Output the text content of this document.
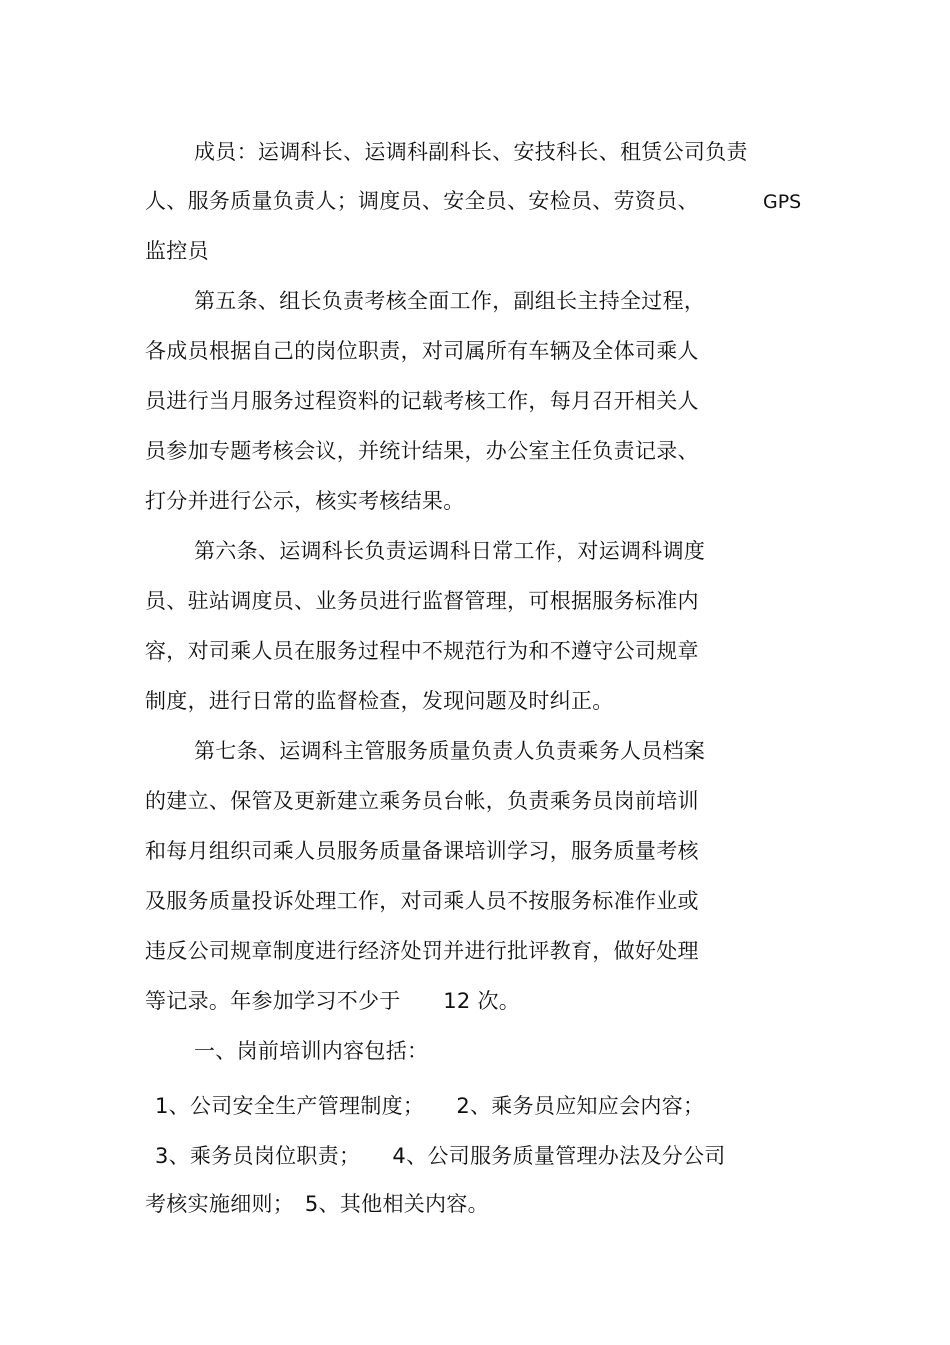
成员：运调科长、运调科副科长、安技科长、租赁公司负责
人、服务质量负责人；调度员、安全员、安检员、劳资员、	GPS
监控员
第五条、组长负责考核全面工作，副组长主持全过程，
各成员根据自己的岗位职责，对司属所有车辆及全体司乘人
员进行当月服务过程资料的记载考核工作，每月召开相关人
员参加专题考核会议，并统计结果，办公室主任负责记录、
打分并进行公示，核实考核结果。
第六条、运调科长负责运调科日常工作，对运调科调度
员、驻站调度员、业务员进行监督管理，可根据服务标准内
容，对司乘人员在服务过程中不规范行为和不遵守公司规章
制度，进行日常的监督检查，发现问题及时纠正。
第七条、运调科主管服务质量负责人负责乘务人员档案
的建立、保管及更新建立乘务员台帐，负责乘务员岗前培训
和每月组织司乘人员服务质量备课培训学习，服务质量考核
及服务质量投诉处理工作，对司乘人员不按服务标准作业或
违反公司规章制度进行经济处罚并进行批评教育，做好处理
等记录。年参加学习不少于　　12 次。
一、岗前培训内容包括：
1、公司安全生产管理制度；　　2、乘务员应知应会内容；
3、乘务员岗位职责；　　4、公司服务质量管理办法及分公司
考核实施细则；　5、其他相关内容。
